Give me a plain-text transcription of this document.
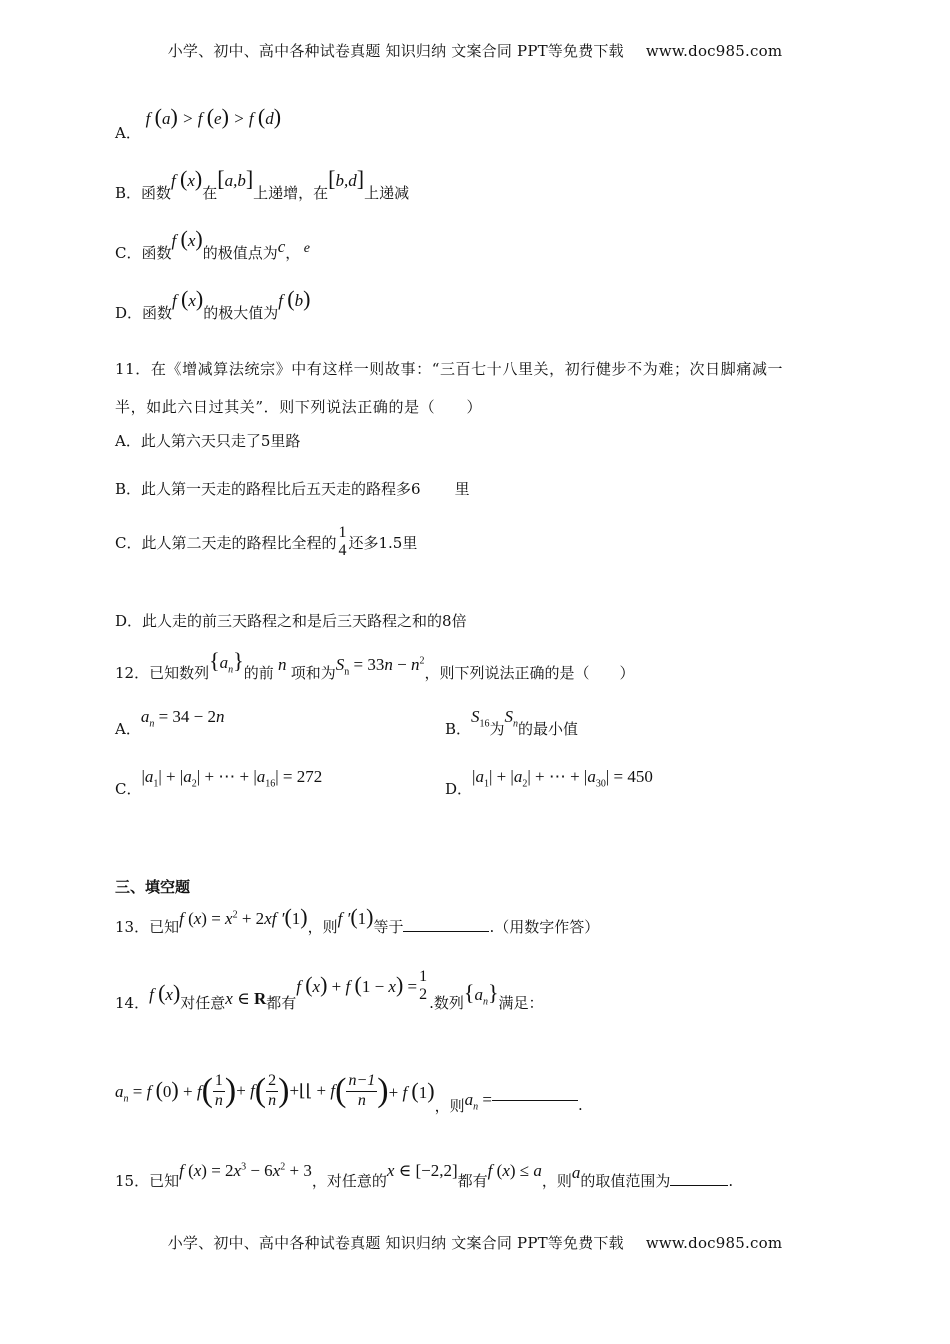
小学、初中、高中各种试卷真题 知识归纳 文案合同 PPT等免费下载 www.doc985.com
A． f (a) > f (e) > f (d)
B．函数f (x)在[a,b]上递增，在[b,d]上递减
C．函数f (x)的极值点为c， e
D．函数f (x)的极大值为f (b)
11．在《增减算法统宗》中有这样一则故事：“三百七十八里关，初行健步不为难；次日脚痛减一
半，如此六日过其关”．则下列说法正确的是（　　）
A．此人第六天只走了5里路
B．此人第一天走的路程比后五天走的路程多6 里
C．此人第二天走的路程比全程的
1
4 还多1.5里
D．此人走的前三天路程之和是后三天路程之和的8倍
12．已知数列$\{a_n\}$的前 n 项和为$S_n = 33n - n^2$，则下列说法正确的是（　　）
A．$a_n = 34 - 2n$
B．$S_{16}$为$S_n$的最小值
C．$|a_1| + |a_2|$ + ⋯ + $|a_{16}| = 272$
D．$|a_1| + |a_2|$ + ⋯ + $|a_{30}| = 450$
三、填空题
13．已知f $(x) = x^2 + 2xf$ ′(1)，则f ′(1)等于	.（用数字作答）
14．f (x)对任意x ∈ R都有f (x) + f (1 − x) =
1
2 .数列$\{a_n\}$满足：
$a_n = f$ $(0) + f( \frac{1}{n}$ )+ $f( \frac{2}{n}$ )+⌊⌊ + $f( \frac{n-1}{n}$ )+ f (1)，则$a_n$ =	.
15．已知f $(x) = 2x^3 - 6x^2 + 3$，对任意的x ∈ [−2,2]都有f (x) ≤ a，则a的取值范围为	.
小学、初中、高中各种试卷真题 知识归纳 文案合同 PPT等免费下载 www.doc985.com
